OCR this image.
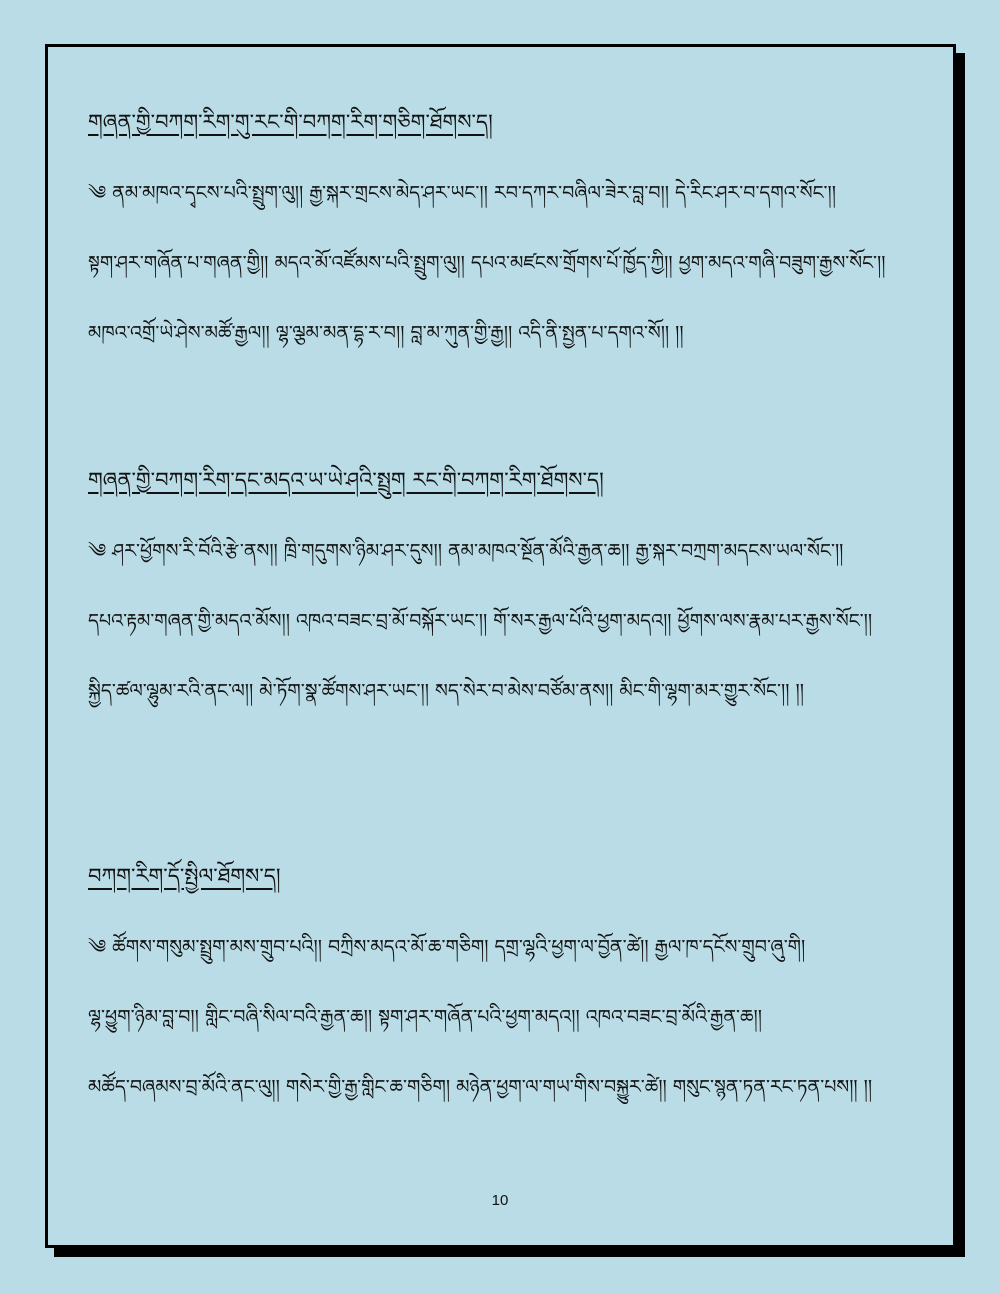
གཞན་གྱི་བཀག་རིག་གུ་རང་གི་བཀག་རིག་གཅིག་ཐོགས་ད།

༄ ནམ་མཁའ་དྭངས་པའི་སྤྲུག་ལུ།། རྒྱ་སྐར་གྲངས་མེད་ཤར་ཡང་།། རབ་དཀར་བཞིལ་ཟེར་བླ་བ།། དེ་རིང་ཤར་བ་དགའ་སོང་།།

སྟག་ཤར་གཞོན་པ་གཞན་གྱི།། མདའ་མོ་འཛོམས་པའི་སྤྲུག་ལུ།། དཔའ་མཛངས་གྲོགས་པོ་ཁྱོད་ཀྱི།། ཕྱག་མདའ་གཞི་བཟུག་རྒྱས་སོང་།།

མཁའ་འགྲོ་ཡེ་ཤེས་མཚོ་རྒྱལ།། ལྷ་ལྕམ་མན་དྷ་ར་བ།། བླ་མ་ཀུན་གྱི་རྒྱ།། འདི་ནི་སྤྱན་པ་དགའ་སོ།། །།

གཞན་གྱི་བཀག་རིག་དང་མདའ་ཡ་ཡེ་ཤའི་སྤྲུག རང་གི་བཀག་རིག་ཐོགས་ད།

༄ ཤར་ཕྱོགས་རི་བོའི་རྩེ་ནས།། ཁྲི་གདུགས་ཉིམ་ཤར་དུས།། ནམ་མཁའ་སྔོན་མོའི་རྒྱན་ཆ།། རྒྱ་སྐར་བཀྲག་མདངས་ཡལ་སོང་།།

དཔའ་རྟམ་གཞན་གྱི་མདའ་མོས།། འཁའ་བཟང་བྲ་མོ་བསྐོར་ཡང་།། གོ་སར་རྒྱལ་པོའི་ཕྱག་མདའ།། ཕྱོགས་ལས་རྣམ་པར་རྒྱས་སོང་།།

སྐྱིད་ཚལ་ལྷུམ་རའི་ནང་ལ།། མེ་ཏོག་སྣ་ཚོགས་ཤར་ཡང་།། སད་སེར་བ་མེས་བཙོམ་ནས།། མིང་གི་ལྷག་མར་གྱུར་སོང་།། །།

བཀག་རིག་དོ་སྤྱིལ་ཐོགས་ད།

༄ ཚོགས་གསུམ་སྤྲུག་མས་གྲུབ་པའི།། བཀྲིས་མདའ་མོ་ཆ་གཅིག། དགྲ་ལྷའི་ཕྱག་ལ་བྱོན་ཚེ།། རྒྱལ་ཁ་དངོས་གྲུབ་ཞུ་གི།

ལྷ་ཕྱུག་ཉིམ་བླ་བ།། གླིང་བཞི་སིལ་བའི་རྒྱན་ཆ།། སྟག་ཤར་གཞོན་པའི་ཕྱག་མདའ།། འཁའ་བཟང་བྲ་མོའི་རྒྱན་ཆ།།

མཚོད་བཞམས་བྲ་མོའི་ནང་ལུ།། གསེར་གྱི་རྒྱ་གླིང་ཆ་གཅིག། མཉེན་ཕྱག་ལ་གཡ་གིས་བསྐྱུར་ཚེ།། གསུང་སྙན་ཏན་རང་ཏན་པས།། །།

10
